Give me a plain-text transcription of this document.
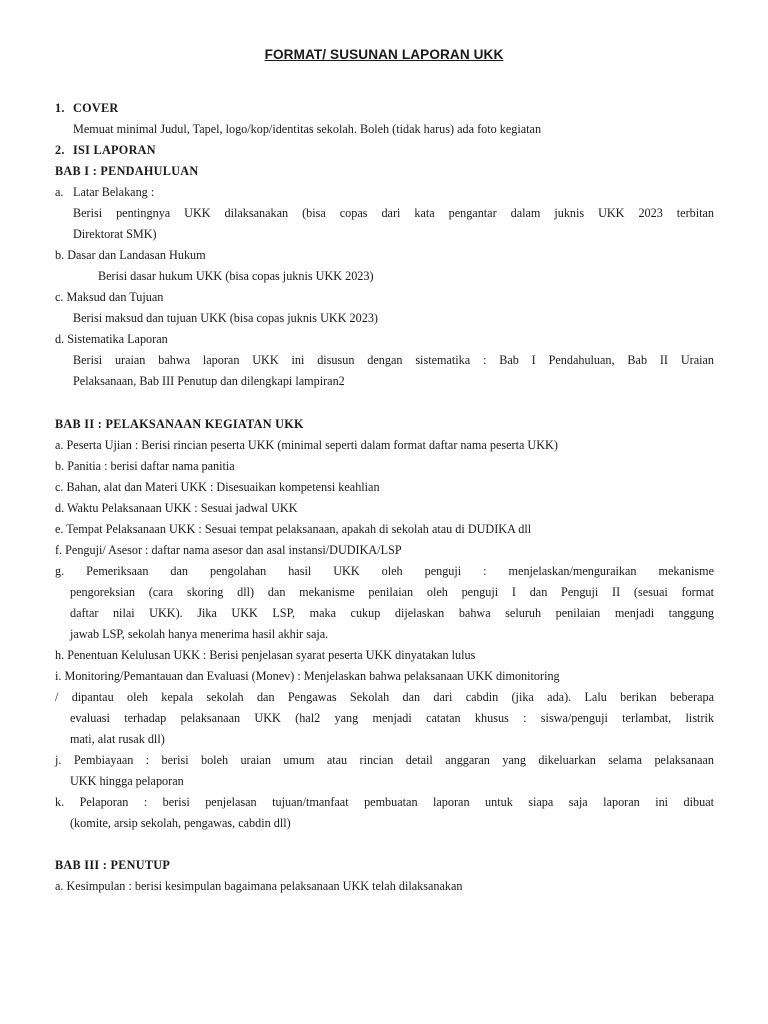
FORMAT/ SUSUNAN LAPORAN UKK
1. COVER
Memuat minimal Judul, Tapel, logo/kop/identitas sekolah. Boleh (tidak harus) ada foto kegiatan
2. ISI LAPORAN
BAB I : PENDAHULUAN
a. Latar Belakang :
Berisi pentingnya UKK dilaksanakan (bisa copas dari kata pengantar dalam juknis UKK 2023 terbitan
Direktorat SMK)
b. Dasar dan Landasan Hukum
Berisi dasar hukum UKK (bisa copas juknis UKK 2023)
c. Maksud dan Tujuan
Berisi maksud dan tujuan UKK (bisa copas juknis UKK 2023)
d. Sistematika Laporan
Berisi uraian bahwa laporan UKK ini disusun dengan sistematika : Bab I Pendahuluan, Bab II Uraian
Pelaksanaan, Bab III Penutup dan dilengkapi lampiran2
BAB II : PELAKSANAAN KEGIATAN UKK
a. Peserta Ujian : Berisi rincian peserta UKK (minimal seperti dalam format daftar nama peserta UKK)
b. Panitia : berisi daftar nama panitia
c. Bahan, alat dan Materi UKK : Disesuaikan kompetensi keahlian
d. Waktu Pelaksanaan UKK : Sesuai jadwal UKK
e. Tempat Pelaksanaan UKK : Sesuai tempat pelaksanaan, apakah di sekolah atau di DUDIKA dll
f. Penguji/ Asesor : daftar nama asesor dan asal instansi/DUDIKA/LSP
g. Pemeriksaan dan pengolahan hasil UKK oleh penguji : menjelaskan/menguraikan mekanisme
pengoreksian (cara skoring dll) dan mekanisme penilaian oleh penguji I dan Penguji II (sesuai format
daftar nilai UKK). Jika UKK LSP, maka cukup dijelaskan bahwa seluruh penilaian menjadi tanggung
jawab LSP, sekolah hanya menerima hasil akhir saja.
h. Penentuan Kelulusan UKK : Berisi penjelasan syarat peserta UKK dinyatakan lulus
i. Monitoring/Pemantauan dan Evaluasi (Monev) : Menjelaskan bahwa pelaksanaan UKK dimonitoring
/ dipantau oleh kepala sekolah dan Pengawas Sekolah dan dari cabdin (jika ada). Lalu berikan beberapa
evaluasi terhadap pelaksanaan UKK (hal2 yang menjadi catatan khusus : siswa/penguji terlambat, listrik
mati, alat rusak dll)
j. Pembiayaan : berisi boleh uraian umum atau rincian detail anggaran yang dikeluarkan selama pelaksanaan
UKK hingga pelaporan
k. Pelaporan : berisi penjelasan tujuan/tmanfaat pembuatan laporan untuk siapa saja laporan ini dibuat
(komite, arsip sekolah, pengawas, cabdin dll)
BAB III : PENUTUP
a. Kesimpulan : berisi kesimpulan bagaimana pelaksanaan UKK telah dilaksanakan
